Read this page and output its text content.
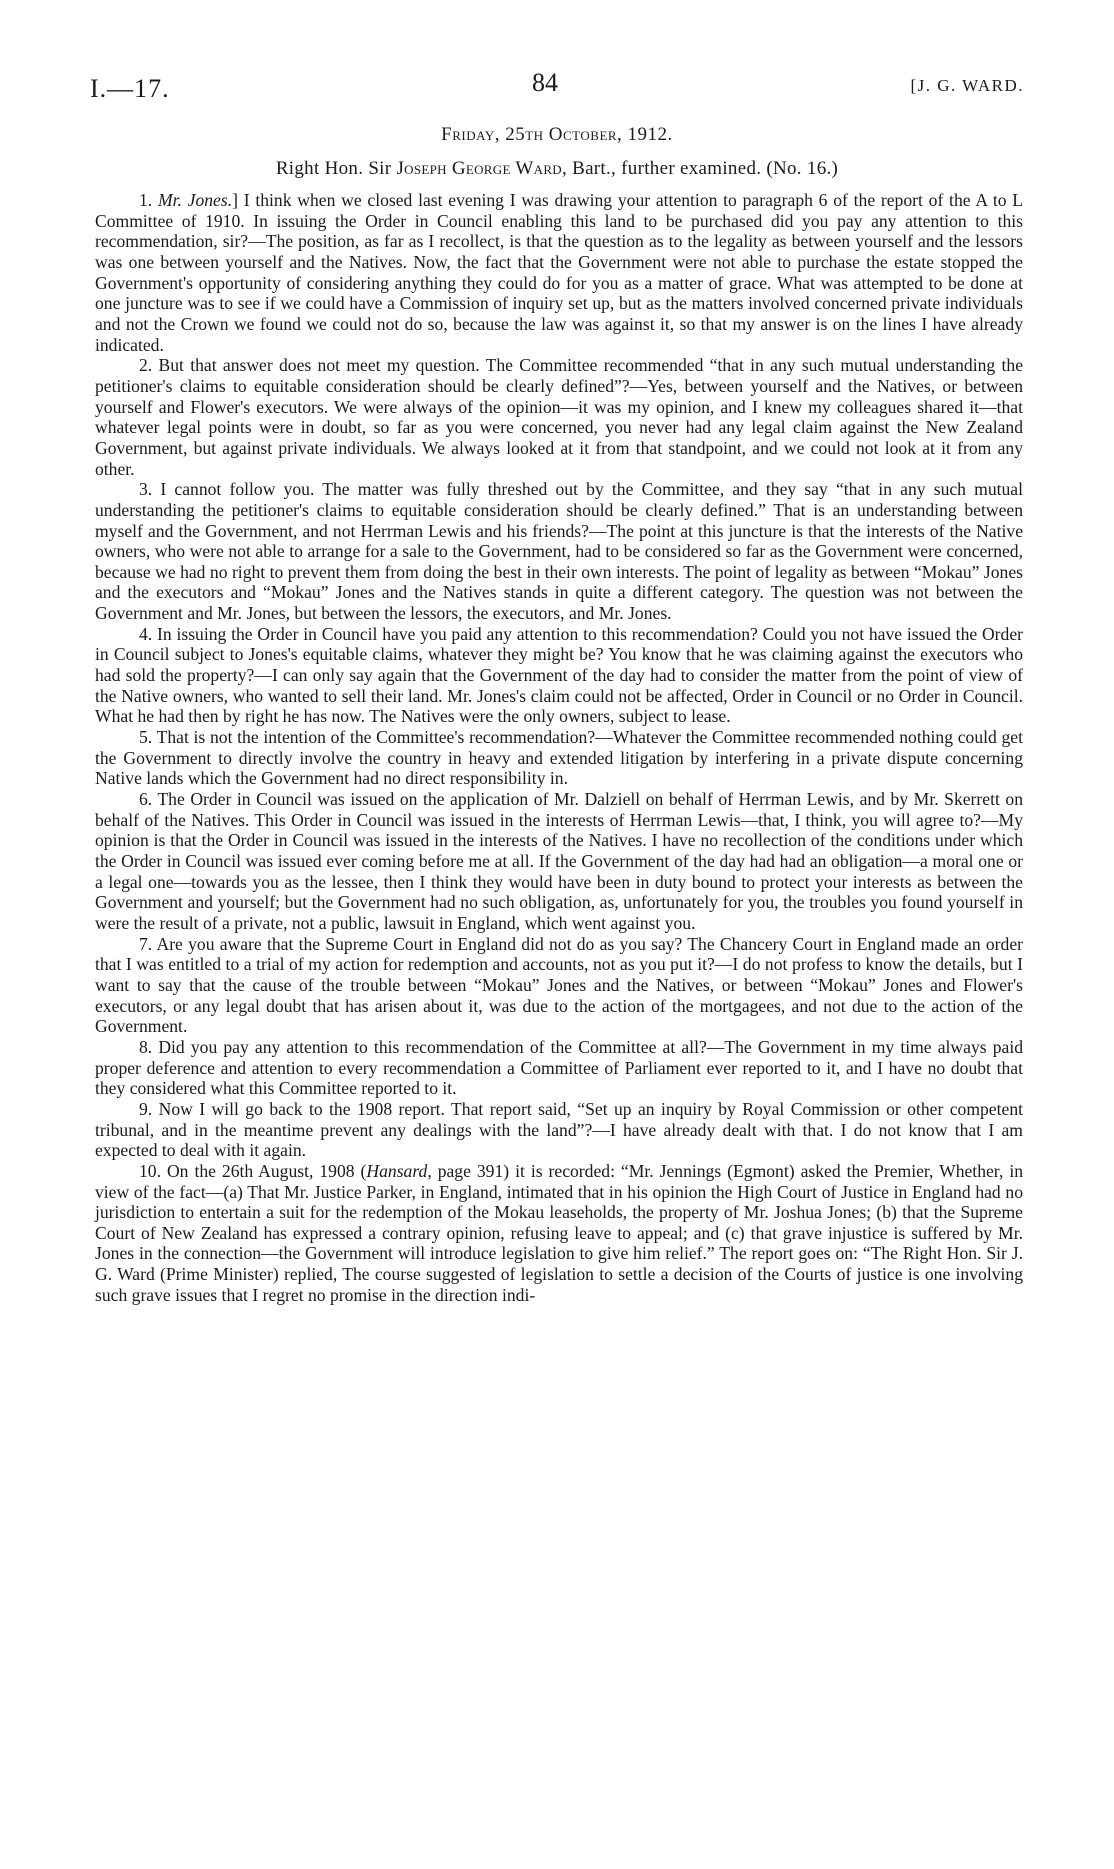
I.—17.	84	[J. G. WARD.
Friday, 25th October, 1912.
Right Hon. Sir Joseph George Ward, Bart., further examined. (No. 16.)

1. Mr. Jones.] I think when we closed last evening I was drawing your attention to paragraph 6 of the report of the A to L Committee of 1910. In issuing the Order in Council enabling this land to be purchased did you pay any attention to this recommendation, sir?—The position, as far as I recollect, is that the question as to the legality as between yourself and the lessors was one between yourself and the Natives. Now, the fact that the Government were not able to purchase the estate stopped the Government's opportunity of considering anything they could do for you as a matter of grace. What was attempted to be done at one juncture was to see if we could have a Commission of inquiry set up, but as the matters involved concerned private individuals and not the Crown we found we could not do so, because the law was against it, so that my answer is on the lines I have already indicated.

2. But that answer does not meet my question. The Committee recommended “that in any such mutual understanding the petitioner's claims to equitable consideration should be clearly defined”?—Yes, between yourself and the Natives, or between yourself and Flower's executors. We were always of the opinion—it was my opinion, and I knew my colleagues shared it—that whatever legal points were in doubt, so far as you were concerned, you never had any legal claim against the New Zealand Government, but against private individuals. We always looked at it from that standpoint, and we could not look at it from any other.

3. I cannot follow you. The matter was fully threshed out by the Committee, and they say “that in any such mutual understanding the petitioner's claims to equitable consideration should be clearly defined.” That is an understanding between myself and the Government, and not Herrman Lewis and his friends?—The point at this juncture is that the interests of the Native owners, who were not able to arrange for a sale to the Government, had to be considered so far as the Government were concerned, because we had no right to prevent them from doing the best in their own interests. The point of legality as between “Mokau” Jones and the executors and “Mokau” Jones and the Natives stands in quite a different category. The question was not between the Government and Mr. Jones, but between the lessors, the executors, and Mr. Jones.

4. In issuing the Order in Council have you paid any attention to this recommendation? Could you not have issued the Order in Council subject to Jones's equitable claims, whatever they might be? You know that he was claiming against the executors who had sold the property?—I can only say again that the Government of the day had to consider the matter from the point of view of the Native owners, who wanted to sell their land. Mr. Jones's claim could not be affected, Order in Council or no Order in Council. What he had then by right he has now. The Natives were the only owners, subject to lease.

5. That is not the intention of the Committee's recommendation?—Whatever the Committee recommended nothing could get the Government to directly involve the country in heavy and extended litigation by interfering in a private dispute concerning Native lands which the Government had no direct responsibility in.

6. The Order in Council was issued on the application of Mr. Dalziell on behalf of Herrman Lewis, and by Mr. Skerrett on behalf of the Natives. This Order in Council was issued in the interests of Herrman Lewis—that, I think, you will agree to?—My opinion is that the Order in Council was issued in the interests of the Natives. I have no recollection of the conditions under which the Order in Council was issued ever coming before me at all. If the Government of the day had had an obligation—a moral one or a legal one—towards you as the lessee, then I think they would have been in duty bound to protect your interests as between the Government and yourself; but the Government had no such obligation, as, unfortunately for you, the troubles you found yourself in were the result of a private, not a public, lawsuit in England, which went against you.

7. Are you aware that the Supreme Court in England did not do as you say? The Chancery Court in England made an order that I was entitled to a trial of my action for redemption and accounts, not as you put it?—I do not profess to know the details, but I want to say that the cause of the trouble between “Mokau” Jones and the Natives, or between “Mokau” Jones and Flower's executors, or any legal doubt that has arisen about it, was due to the action of the mortgagees, and not due to the action of the Government.

8. Did you pay any attention to this recommendation of the Committee at all?—The Government in my time always paid proper deference and attention to every recommendation a Committee of Parliament ever reported to it, and I have no doubt that they considered what this Committee reported to it.

9. Now I will go back to the 1908 report. That report said, “Set up an inquiry by Royal Commission or other competent tribunal, and in the meantime prevent any dealings with the land”?—I have already dealt with that. I do not know that I am expected to deal with it again.

10. On the 26th August, 1908 (Hansard, page 391) it is recorded: “Mr. Jennings (Egmont) asked the Premier, Whether, in view of the fact—(a) That Mr. Justice Parker, in England, intimated that in his opinion the High Court of Justice in England had no jurisdiction to entertain a suit for the redemption of the Mokau leaseholds, the property of Mr. Joshua Jones; (b) that the Supreme Court of New Zealand has expressed a contrary opinion, refusing leave to appeal; and (c) that grave injustice is suffered by Mr. Jones in the connection—the Government will introduce legislation to give him relief.” The report goes on: “The Right Hon. Sir J. G. Ward (Prime Minister) replied, The course suggested of legislation to settle a decision of the Courts of justice is one involving such grave issues that I regret no promise in the direction indi-
